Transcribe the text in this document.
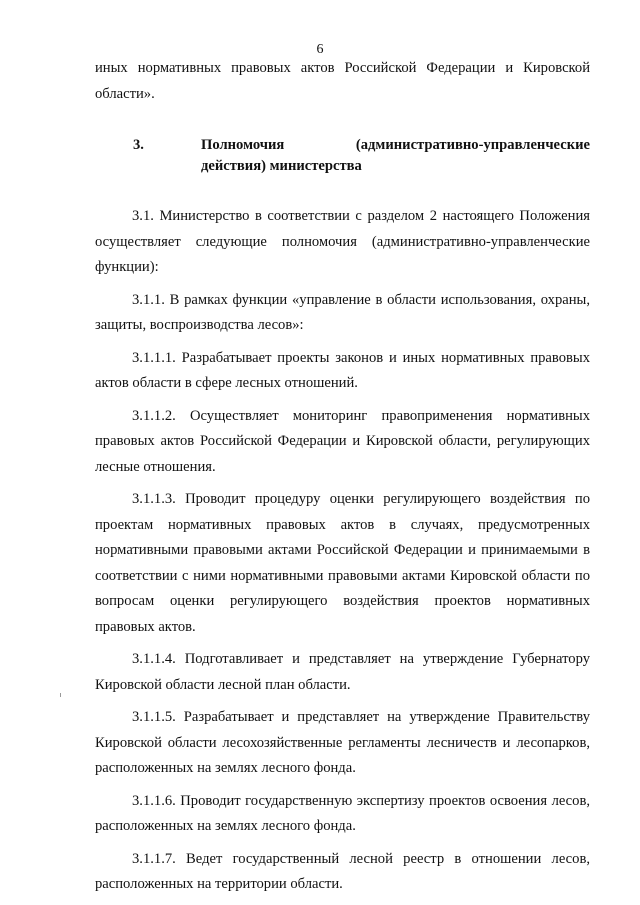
6

иных нормативных правовых актов Российской Федерации и Кировской области».

3.	Полномочия (административно-управленческие действия) министерства

3.1. Министерство в соответствии с разделом 2 настоящего Положения осуществляет следующие полномочия (административно-управленческие функции):

3.1.1. В рамках функции «управление в области использования, охраны, защиты, воспроизводства лесов»:

3.1.1.1. Разрабатывает проекты законов и иных нормативных правовых актов области в сфере лесных отношений.

3.1.1.2. Осуществляет мониторинг правоприменения нормативных правовых актов Российской Федерации и Кировской области, регулирующих лесные отношения.

3.1.1.3. Проводит процедуру оценки регулирующего воздействия по проектам нормативных правовых актов в случаях, предусмотренных нормативными правовыми актами Российской Федерации и принимаемыми в соответствии с ними нормативными правовыми актами Кировской области по вопросам оценки регулирующего воздействия проектов нормативных правовых актов.

3.1.1.4. Подготавливает и представляет на утверждение Губернатору Кировской области лесной план области.

3.1.1.5. Разрабатывает и представляет на утверждение Правительству Кировской области лесохозяйственные регламенты лесничеств и лесопарков, расположенных на землях лесного фонда.

3.1.1.6. Проводит государственную экспертизу проектов освоения лесов, расположенных на землях лесного фонда.

3.1.1.7. Ведет государственный лесной реестр в отношении лесов, расположенных на территории области.
